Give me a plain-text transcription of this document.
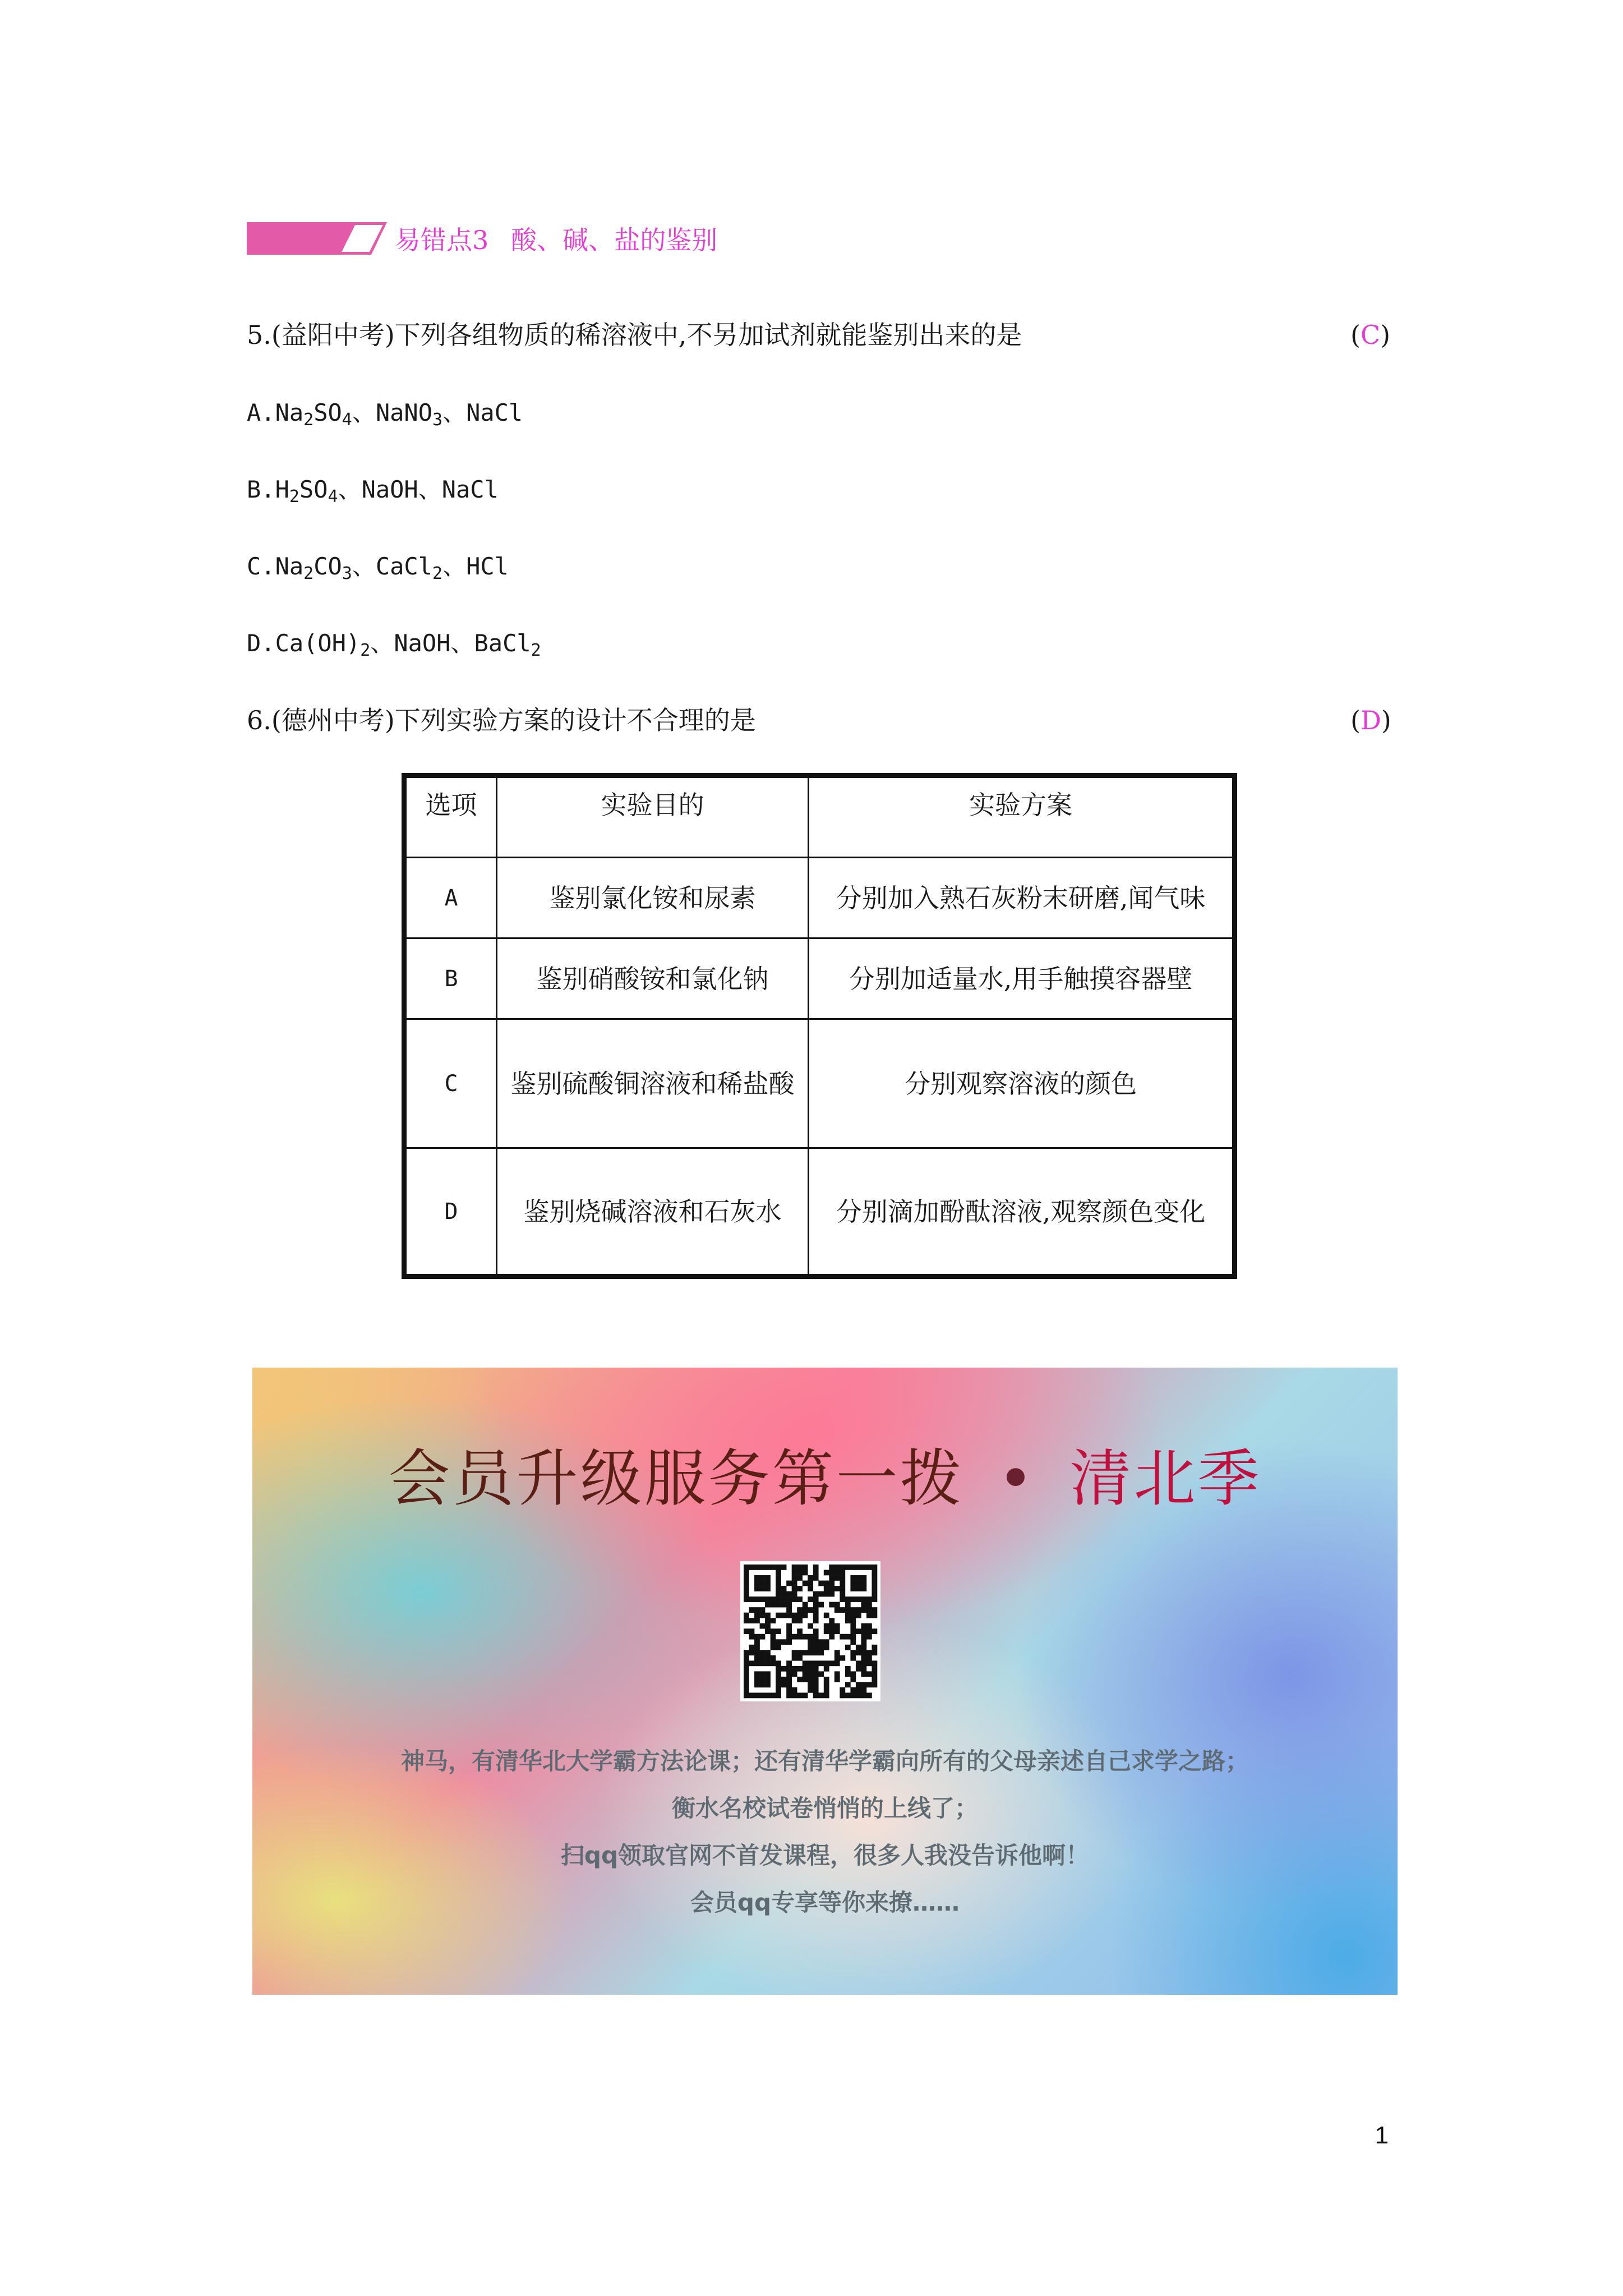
易错点3 酸、碱、盐的鉴别
5.(益阳中考)下列各组物质的稀溶液中,不另加试剂就能鉴别出来的是	(C)
$A.Na_2SO_4$、NaNO$_3$、NaCl
$B.H_2SO_4$、NaOH、NaCl
$C.Na_2CO_3$、CaCl$_2$、HCl
$D.Ca(OH)_2$、NaOH、BaCl$_2$
6.(德州中考)下列实验方案的设计不合理的是	(D)
选项	实验目的	实验方案
A	鉴别氯化铵和尿素	分别加入熟石灰粉末研磨,闻气味
B	鉴别硝酸铵和氯化钠	分别加适量水,用手触摸容器壁
C	鉴别硫酸铜溶液和稀盐酸	分别观察溶液的颜色
D	鉴别烧碱溶液和石灰水	分别滴加酚酞溶液,观察颜色变化
会员升级服务第一拨 • 清北季
神马，有清华北大学霸方法论课；还有清华学霸向所有的父母亲述自己求学之路；
衡水名校试卷悄悄的上线了；
扫qq领取官网不首发课程，很多人我没告诉他啊！
会员qq专享等你来撩……
1
